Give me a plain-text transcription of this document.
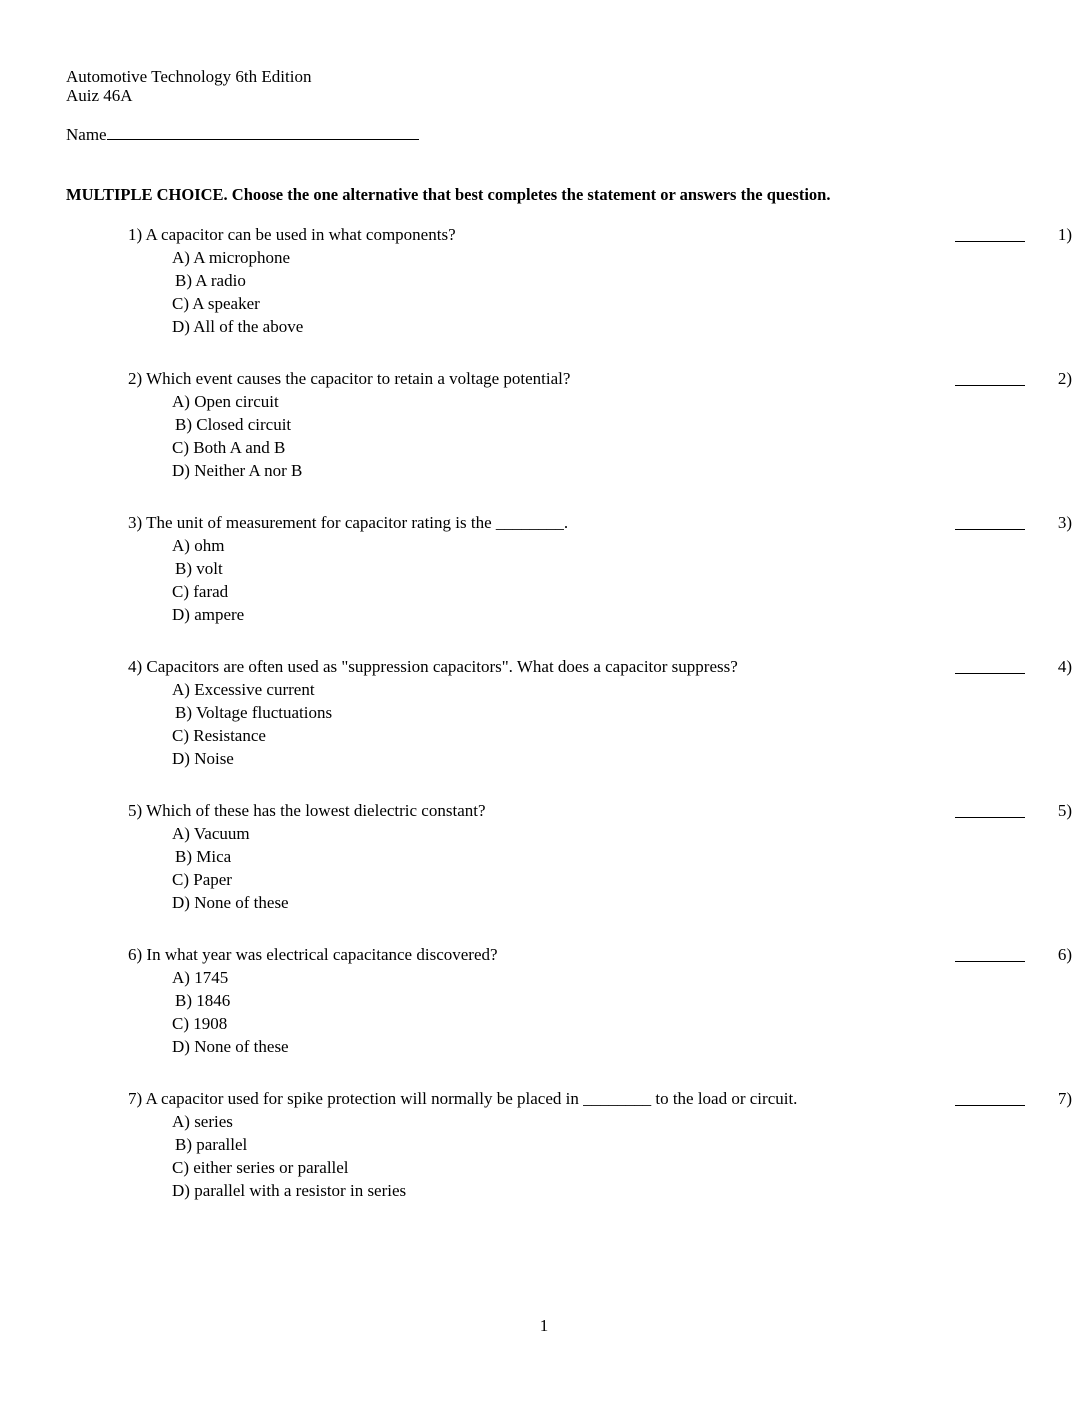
Automotive Technology 6th Edition
Auiz 46A
Name
MULTIPLE CHOICE. Choose the one alternative that best completes the statement or answers the question.
1) A capacitor can be used in what components?
A) A microphone
B) A radio
C) A speaker
D) All of the above
1)
2) Which event causes the capacitor to retain a voltage potential?
A) Open circuit
B) Closed circuit
C) Both A and B
D) Neither A nor B
2)
3) The unit of measurement for capacitor rating is the ________.
A) ohm
B) volt
C) farad
D) ampere
3)
4) Capacitors are often used as "suppression capacitors". What does a capacitor suppress?
A) Excessive current
B) Voltage fluctuations
C) Resistance
D) Noise
4)
5) Which of these has the lowest dielectric constant?
A) Vacuum
B) Mica
C) Paper
D) None of these
5)
6) In what year was electrical capacitance discovered?
A) 1745
B) 1846
C) 1908
D) None of these
6)
7) A capacitor used for spike protection will normally be placed in ________ to the load or circuit.
A) series
B) parallel
C) either series or parallel
D) parallel with a resistor in series
7)
1
